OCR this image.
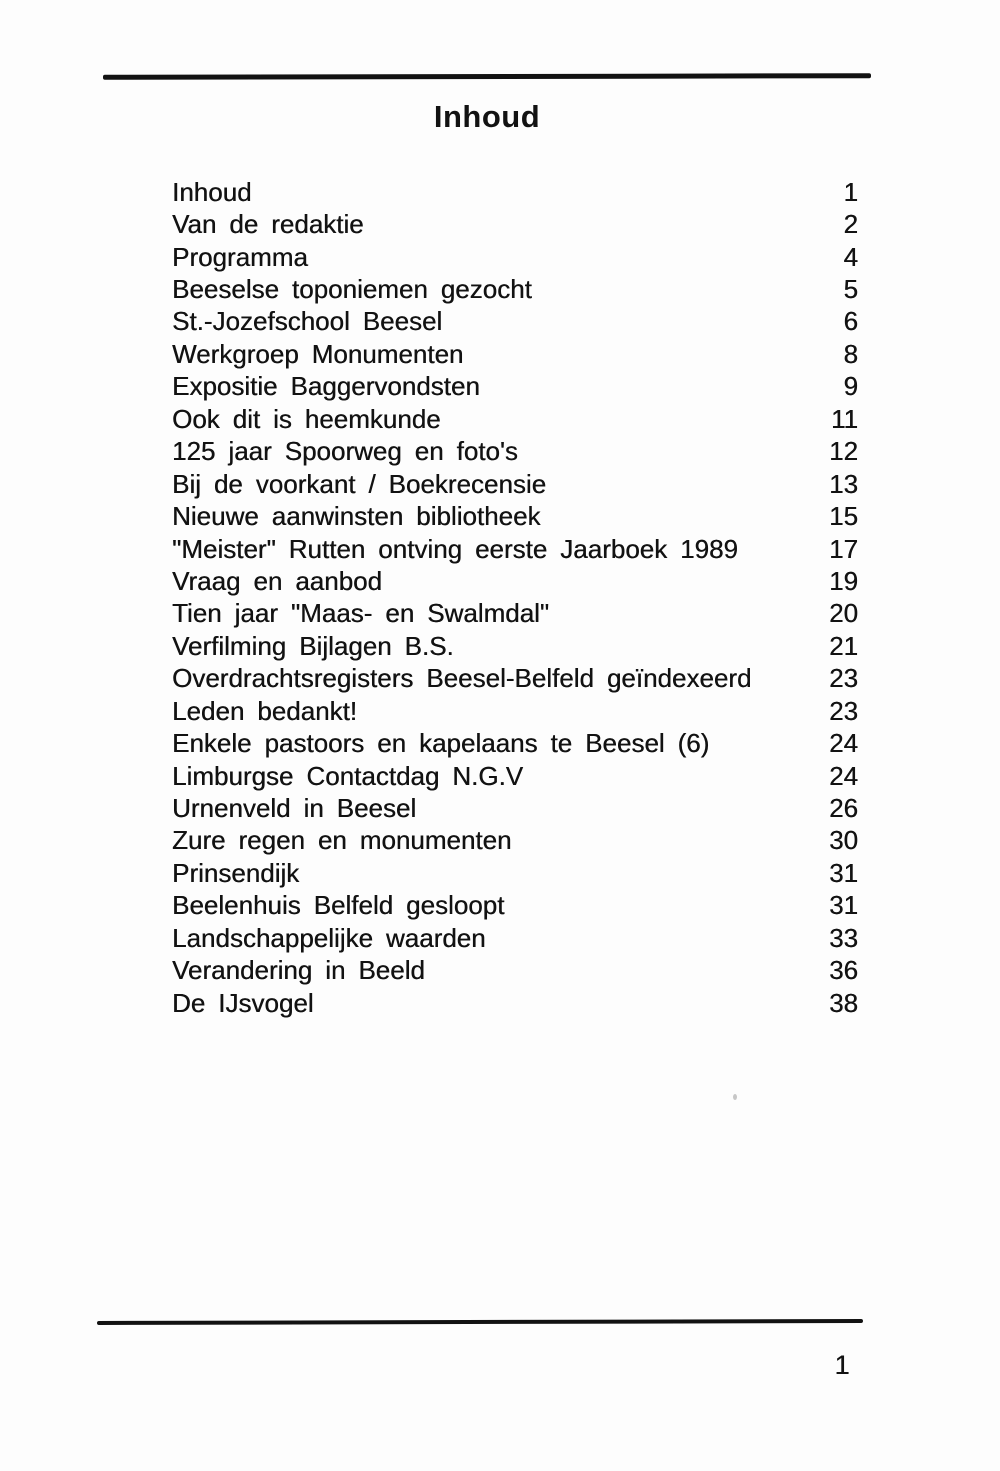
Inhoud
Inhoud	1
Van de redaktie	2
Programma	4
Beeselse toponiemen gezocht	5
St.-Jozefschool Beesel	6
Werkgroep Monumenten	8
Expositie Baggervondsten	9
Ook dit is heemkunde	11
125 jaar Spoorweg en foto's	12
Bij de voorkant / Boekrecensie	13
Nieuwe aanwinsten bibliotheek	15
"Meister" Rutten ontving eerste Jaarboek 1989	17
Vraag en aanbod	19
Tien jaar "Maas- en Swalmdal"	20
Verfilming Bijlagen B.S.	21
Overdrachtsregisters Beesel-Belfeld geïndexeerd	23
Leden bedankt!	23
Enkele pastoors en kapelaans te Beesel (6)	24
Limburgse Contactdag N.G.V	24
Urnenveld in Beesel	26
Zure regen en monumenten	30
Prinsendijk	31
Beelenhuis Belfeld gesloopt	31
Landschappelijke waarden	33
Verandering in Beeld	36
De IJsvogel	38
1
